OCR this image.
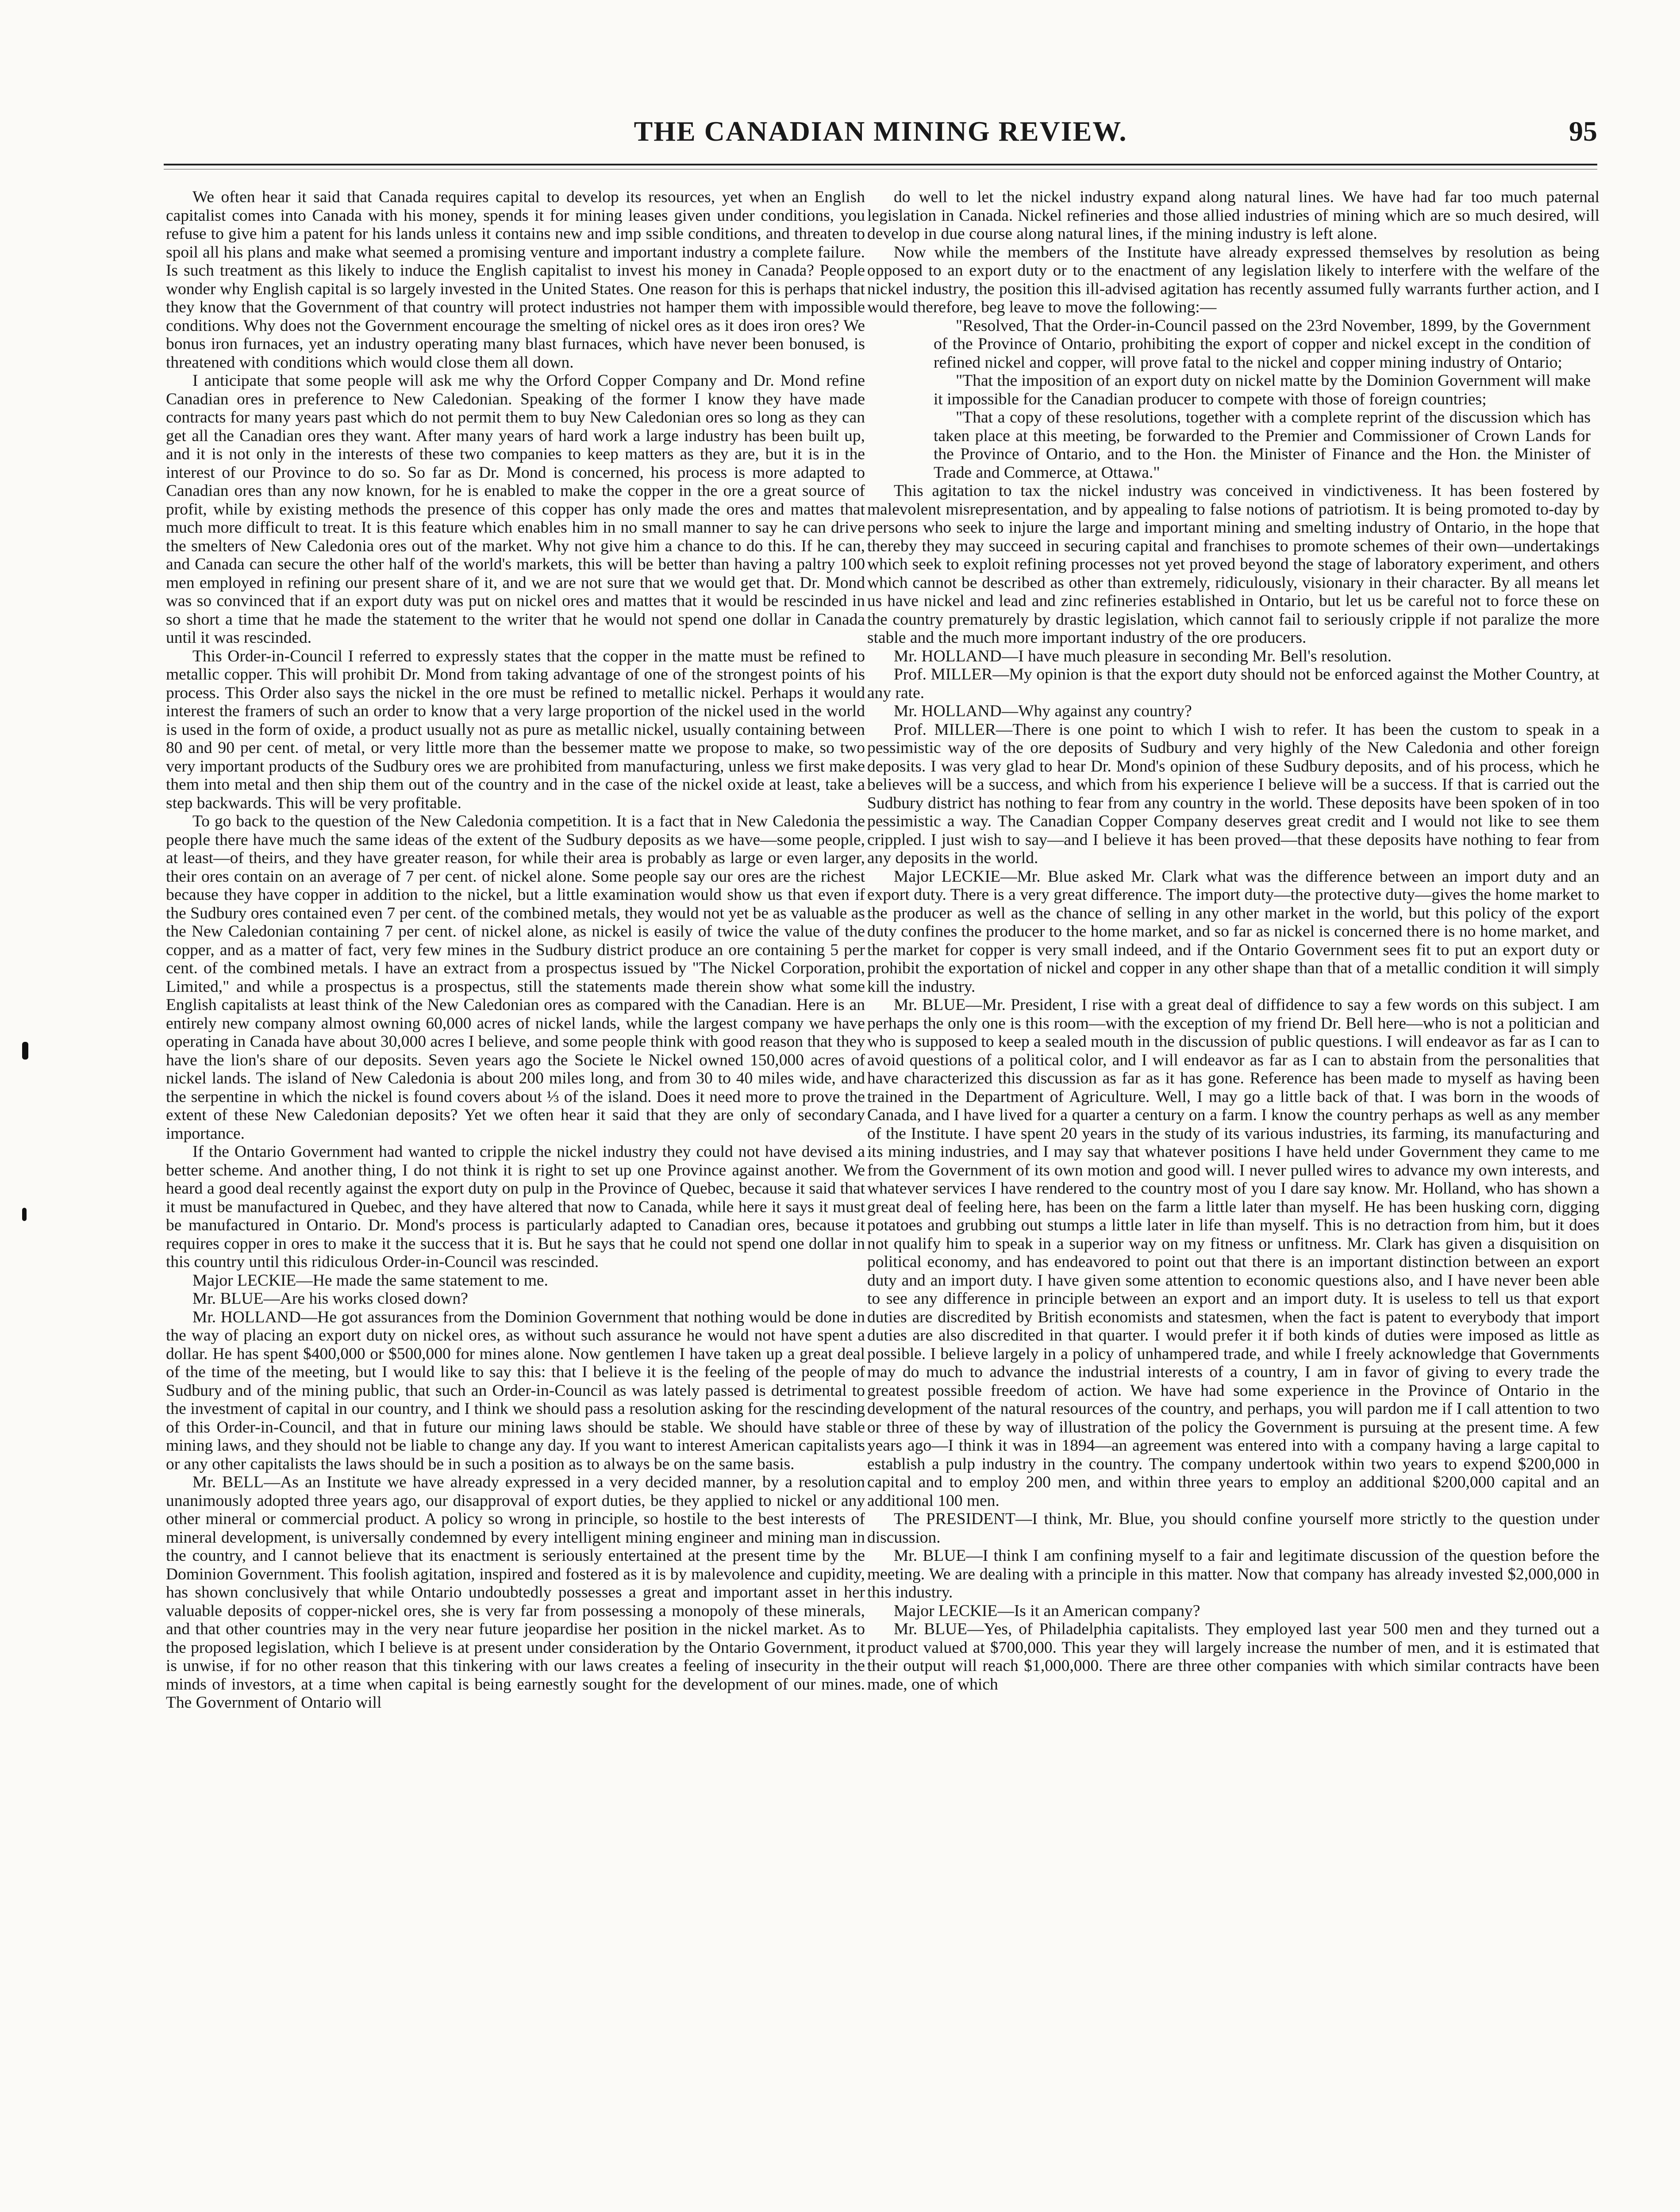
THE CANADIAN MINING REVIEW.	95

We often hear it said that Canada requires capital to develop its resources, yet when an English capitalist comes into Canada with his money, spends it for mining leases given under conditions, you refuse to give him a patent for his lands unless it contains new and imp ssible conditions, and threaten to spoil all his plans and make what seemed a promising venture and important industry a complete failure. Is such treatment as this likely to induce the English capitalist to invest his money in Canada? People wonder why English capital is so largely invested in the United States. One reason for this is perhaps that they know that the Government of that country will protect industries not hamper them with impossible conditions. Why does not the Government encourage the smelting of nickel ores as it does iron ores? We bonus iron furnaces, yet an industry operating many blast furnaces, which have never been bonused, is threatened with conditions which would close them all down.

I anticipate that some people will ask me why the Orford Copper Company and Dr. Mond refine Canadian ores in preference to New Caledonian. Speaking of the former I know they have made contracts for many years past which do not permit them to buy New Caledonian ores so long as they can get all the Canadian ores they want. After many years of hard work a large industry has been built up, and it is not only in the interests of these two companies to keep matters as they are, but it is in the interest of our Province to do so. So far as Dr. Mond is concerned, his process is more adapted to Canadian ores than any now known, for he is enabled to make the copper in the ore a great source of profit, while by existing methods the presence of this copper has only made the ores and mattes that much more difficult to treat. It is this feature which enables him in no small manner to say he can drive the smelters of New Caledonia ores out of the market. Why not give him a chance to do this. If he can, and Canada can secure the other half of the world's markets, this will be better than having a paltry 100 men employed in refining our present share of it, and we are not sure that we would get that. Dr. Mond was so convinced that if an export duty was put on nickel ores and mattes that it would be rescinded in so short a time that he made the statement to the writer that he would not spend one dollar in Canada until it was rescinded.

This Order-in-Council I referred to expressly states that the copper in the matte must be refined to metallic copper. This will prohibit Dr. Mond from taking advantage of one of the strongest points of his process. This Order also says the nickel in the ore must be refined to metallic nickel. Perhaps it would interest the framers of such an order to know that a very large proportion of the nickel used in the world is used in the form of oxide, a product usually not as pure as metallic nickel, usually containing between 80 and 90 per cent. of metal, or very little more than the bessemer matte we propose to make, so two very important products of the Sudbury ores we are prohibited from manufacturing, unless we first make them into metal and then ship them out of the country and in the case of the nickel oxide at least, take a step backwards. This will be very profitable.

To go back to the question of the New Caledonia competition. It is a fact that in New Caledonia the people there have much the same ideas of the extent of the Sudbury deposits as we have—some people, at least—of theirs, and they have greater reason, for while their area is probably as large or even larger, their ores contain on an average of 7 per cent. of nickel alone. Some people say our ores are the richest because they have copper in addition to the nickel, but a little examination would show us that even if the Sudbury ores contained even 7 per cent. of the combined metals, they would not yet be as valuable as the New Caledonian containing 7 per cent. of nickel alone, as nickel is easily of twice the value of the copper, and as a matter of fact, very few mines in the Sudbury district produce an ore containing 5 per cent. of the combined metals. I have an extract from a prospectus issued by "The Nickel Corporation, Limited," and while a prospectus is a prospectus, still the statements made therein show what some English capitalists at least think of the New Caledonian ores as compared with the Canadian. Here is an entirely new company almost owning 60,000 acres of nickel lands, while the largest company we have operating in Canada have about 30,000 acres I believe, and some people think with good reason that they have the lion's share of our deposits. Seven years ago the Societe le Nickel owned 150,000 acres of nickel lands. The island of New Caledonia is about 200 miles long, and from 30 to 40 miles wide, and the serpentine in which the nickel is found covers about ⅓ of the island. Does it need more to prove the extent of these New Caledonian deposits? Yet we often hear it said that they are only of secondary importance.

If the Ontario Government had wanted to cripple the nickel industry they could not have devised a better scheme. And another thing, I do not think it is right to set up one Province against another. We heard a good deal recently against the export duty on pulp in the Province of Quebec, because it said that it must be manufactured in Quebec, and they have altered that now to Canada, while here it says it must be manufactured in Ontario. Dr. Mond's process is particularly adapted to Canadian ores, because it requires copper in ores to make it the success that it is. But he says that he could not spend one dollar in this country until this ridiculous Order-in-Council was rescinded.

Major LECKIE—He made the same statement to me.

Mr. BLUE—Are his works closed down?

Mr. HOLLAND—He got assurances from the Dominion Government that nothing would be done in the way of placing an export duty on nickel ores, as without such assurance he would not have spent a dollar. He has spent $400,000 or $500,000 for mines alone. Now gentlemen I have taken up a great deal of the time of the meeting, but I would like to say this: that I believe it is the feeling of the people of Sudbury and of the mining public, that such an Order-in-Council as was lately passed is detrimental to the investment of capital in our country, and I think we should pass a resolution asking for the rescinding of this Order-in-Council, and that in future our mining laws should be stable. We should have stable mining laws, and they should not be liable to change any day. If you want to interest American capitalists or any other capitalists the laws should be in such a position as to always be on the same basis.

Mr. BELL—As an Institute we have already expressed in a very decided manner, by a resolution unanimously adopted three years ago, our disapproval of export duties, be they applied to nickel or any other mineral or commercial product. A policy so wrong in principle, so hostile to the best interests of mineral development, is universally condemned by every intelligent mining engineer and mining man in the country, and I cannot believe that its enactment is seriously entertained at the present time by the Dominion Government. This foolish agitation, inspired and fostered as it is by malevolence and cupidity, has shown conclusively that while Ontario undoubtedly possesses a great and important asset in her valuable deposits of copper-nickel ores, she is very far from possessing a monopoly of these minerals, and that other countries may in the very near future jeopardise her position in the nickel market. As to the proposed legislation, which I believe is at present under consideration by the Ontario Government, it is unwise, if for no other reason that this tinkering with our laws creates a feeling of insecurity in the minds of investors, at a time when capital is being earnestly sought for the development of our mines. The Government of Ontario will

do well to let the nickel industry expand along natural lines. We have had far too much paternal legislation in Canada. Nickel refineries and those allied industries of mining which are so much desired, will develop in due course along natural lines, if the mining industry is left alone.

Now while the members of the Institute have already expressed themselves by resolution as being opposed to an export duty or to the enactment of any legislation likely to interfere with the welfare of the nickel industry, the position this ill-advised agitation has recently assumed fully warrants further action, and I would therefore, beg leave to move the following:—

"Resolved, That the Order-in-Council passed on the 23rd November, 1899, by the Government of the Province of Ontario, prohibiting the export of copper and nickel except in the condition of refined nickel and copper, will prove fatal to the nickel and copper mining industry of Ontario;

"That the imposition of an export duty on nickel matte by the Dominion Government will make it impossible for the Canadian producer to compete with those of foreign countries;

"That a copy of these resolutions, together with a complete reprint of the discussion which has taken place at this meeting, be forwarded to the Premier and Commissioner of Crown Lands for the Province of Ontario, and to the Hon. the Minister of Finance and the Hon. the Minister of Trade and Commerce, at Ottawa."

This agitation to tax the nickel industry was conceived in vindictiveness. It has been fostered by malevolent misrepresentation, and by appealing to false notions of patriotism. It is being promoted to-day by persons who seek to injure the large and important mining and smelting industry of Ontario, in the hope that thereby they may succeed in securing capital and franchises to promote schemes of their own—undertakings which seek to exploit refining processes not yet proved beyond the stage of laboratory experiment, and others which cannot be described as other than extremely, ridiculously, visionary in their character. By all means let us have nickel and lead and zinc refineries established in Ontario, but let us be careful not to force these on the country prematurely by drastic legislation, which cannot fail to seriously cripple if not paralize the more stable and the much more important industry of the ore producers.

Mr. HOLLAND—I have much pleasure in seconding Mr. Bell's resolution.

Prof. MILLER—My opinion is that the export duty should not be enforced against the Mother Country, at any rate.

Mr. HOLLAND—Why against any country?

Prof. MILLER—There is one point to which I wish to refer. It has been the custom to speak in a pessimistic way of the ore deposits of Sudbury and very highly of the New Caledonia and other foreign deposits. I was very glad to hear Dr. Mond's opinion of these Sudbury deposits, and of his process, which he believes will be a success, and which from his experience I believe will be a success. If that is carried out the Sudbury district has nothing to fear from any country in the world. These deposits have been spoken of in too pessimistic a way. The Canadian Copper Company deserves great credit and I would not like to see them crippled. I just wish to say—and I believe it has been proved—that these deposits have nothing to fear from any deposits in the world.

Major LECKIE—Mr. Blue asked Mr. Clark what was the difference between an import duty and an export duty. There is a very great difference. The import duty—the protective duty—gives the home market to the producer as well as the chance of selling in any other market in the world, but this policy of the export duty confines the producer to the home market, and so far as nickel is concerned there is no home market, and the market for copper is very small indeed, and if the Ontario Government sees fit to put an export duty or prohibit the exportation of nickel and copper in any other shape than that of a metallic condition it will simply kill the industry.

Mr. BLUE—Mr. President, I rise with a great deal of diffidence to say a few words on this subject. I am perhaps the only one is this room—with the exception of my friend Dr. Bell here—who is not a politician and who is supposed to keep a sealed mouth in the discussion of public questions. I will endeavor as far as I can to avoid questions of a political color, and I will endeavor as far as I can to abstain from the personalities that have characterized this discussion as far as it has gone. Reference has been made to myself as having been trained in the Department of Agriculture. Well, I may go a little back of that. I was born in the woods of Canada, and I have lived for a quarter a century on a farm. I know the country perhaps as well as any member of the Institute. I have spent 20 years in the study of its various industries, its farming, its manufacturing and its mining industries, and I may say that whatever positions I have held under Government they came to me from the Government of its own motion and good will. I never pulled wires to advance my own interests, and whatever services I have rendered to the country most of you I dare say know. Mr. Holland, who has shown a great deal of feeling here, has been on the farm a little later than myself. He has been husking corn, digging potatoes and grubbing out stumps a little later in life than myself. This is no detraction from him, but it does not qualify him to speak in a superior way on my fitness or unfitness. Mr. Clark has given a disquisition on political economy, and has endeavored to point out that there is an important distinction between an export duty and an import duty. I have given some attention to economic questions also, and I have never been able to see any difference in principle between an export and an import duty. It is useless to tell us that export duties are discredited by British economists and statesmen, when the fact is patent to everybody that import duties are also discredited in that quarter. I would prefer it if both kinds of duties were imposed as little as possible. I believe largely in a policy of unhampered trade, and while I freely acknowledge that Governments may do much to advance the industrial interests of a country, I am in favor of giving to every trade the greatest possible freedom of action. We have had some experience in the Province of Ontario in the development of the natural resources of the country, and perhaps, you will pardon me if I call attention to two or three of these by way of illustration of the policy the Government is pursuing at the present time. A few years ago—I think it was in 1894—an agreement was entered into with a company having a large capital to establish a pulp industry in the country. The company undertook within two years to expend $200,000 in capital and to employ 200 men, and within three years to employ an additional $200,000 capital and an additional 100 men.

The PRESIDENT—I think, Mr. Blue, you should confine yourself more strictly to the question under discussion.

Mr. BLUE—I think I am confining myself to a fair and legitimate discussion of the question before the meeting. We are dealing with a principle in this matter. Now that company has already invested $2,000,000 in this industry.

Major LECKIE—Is it an American company?

Mr. BLUE—Yes, of Philadelphia capitalists. They employed last year 500 men and they turned out a product valued at $700,000. This year they will largely increase the number of men, and it is estimated that their output will reach $1,000,000. There are three other companies with which similar contracts have been made, one of which
